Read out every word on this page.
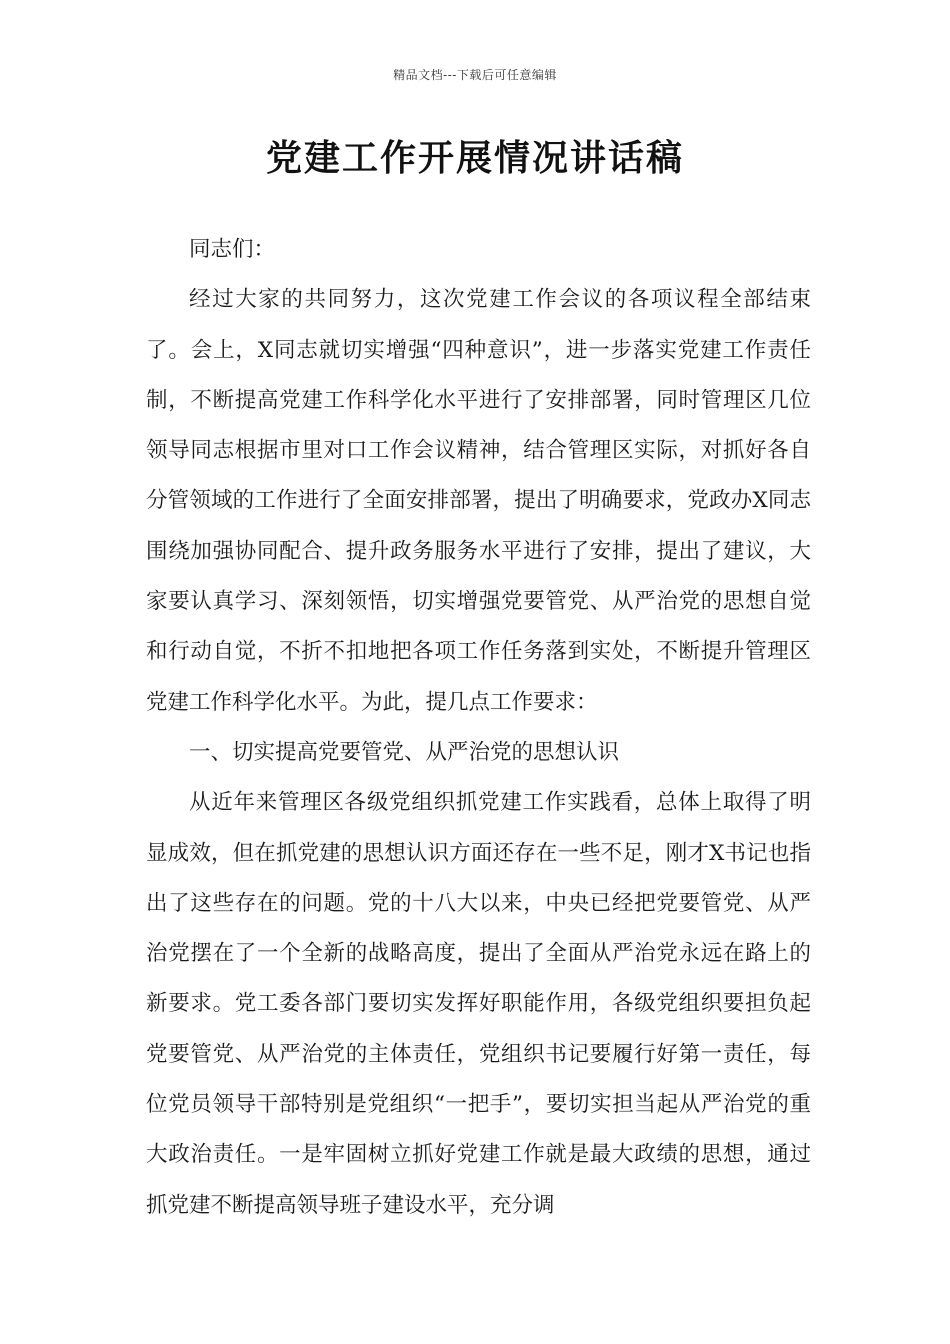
精品文档---下载后可任意编辑
党建工作开展情况讲话稿

同志们：

经过大家的共同努力，这次党建工作会议的各项议程全部结束了。会上，X同志就切实增强“四种意识”，进一步落实党建工作责任制，不断提高党建工作科学化水平进行了安排部署，同时管理区几位领导同志根据市里对口工作会议精神，结合管理区实际，对抓好各自分管领域的工作进行了全面安排部署，提出了明确要求，党政办X同志围绕加强协同配合、提升政务服务水平进行了安排，提出了建议，大家要认真学习、深刻领悟，切实增强党要管党、从严治党的思想自觉和行动自觉，不折不扣地把各项工作任务落到实处，不断提升管理区党建工作科学化水平。为此，提几点工作要求：

一、切实提高党要管党、从严治党的思想认识

从近年来管理区各级党组织抓党建工作实践看，总体上取得了明显成效，但在抓党建的思想认识方面还存在一些不足，刚才X书记也指出了这些存在的问题。党的十八大以来，中央已经把党要管党、从严治党摆在了一个全新的战略高度，提出了全面从严治党永远在路上的新要求。党工委各部门要切实发挥好职能作用，各级党组织要担负起党要管党、从严治党的主体责任，党组织书记要履行好第一责任，每位党员领导干部特别是党组织“一把手”，要切实担当起从严治党的重大政治责任。一是牢固树立抓好党建工作就是最大政绩的思想，通过抓党建不断提高领导班子建设水平，充分调
